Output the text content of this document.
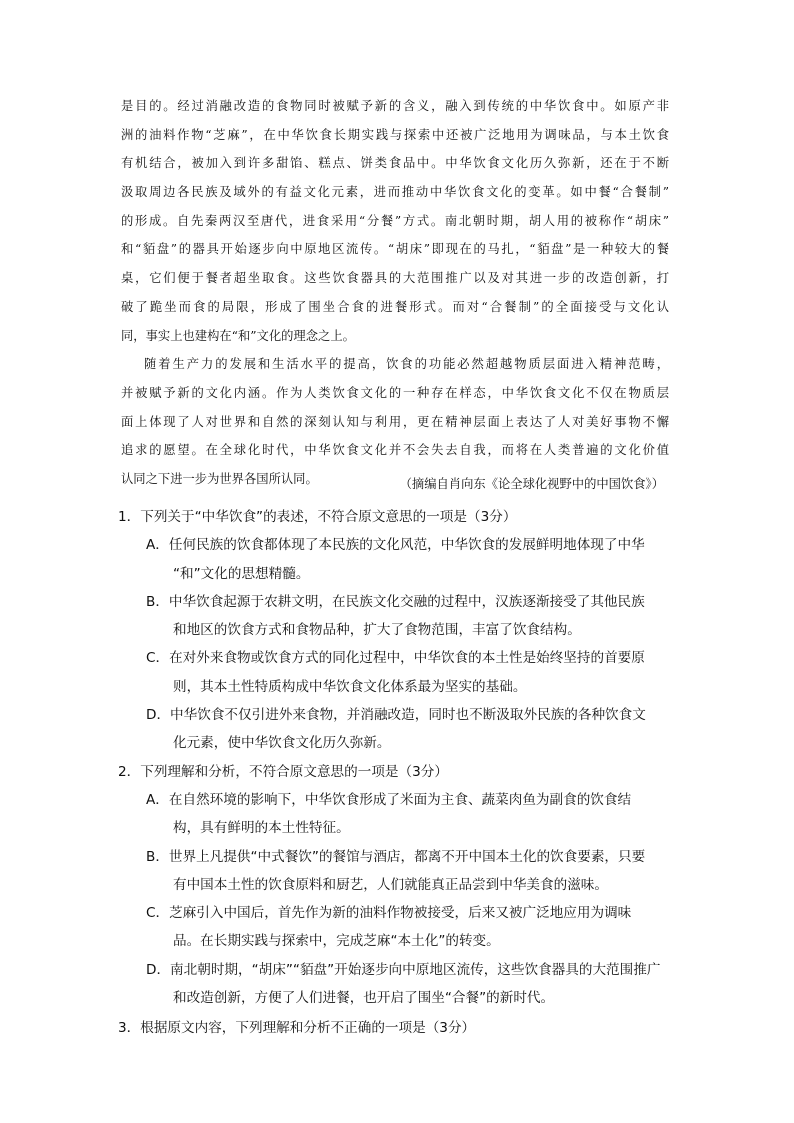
是目的。经过消融改造的食物同时被赋予新的含义，融入到传统的中华饮食中。如原产非
洲的油料作物“芝麻”，在中华饮食长期实践与探索中还被广泛地用为调味品，与本土饮食
有机结合，被加入到许多甜馅、糕点、饼类食品中。中华饮食文化历久弥新，还在于不断
汲取周边各民族及域外的有益文化元素，进而推动中华饮食文化的变革。如中餐“合餐制”
的形成。自先秦两汉至唐代，进食采用“分餐”方式。南北朝时期，胡人用的被称作“胡床”
和“貊盘”的器具开始逐步向中原地区流传。“胡床”即现在的马扎，“貊盘”是一种较大的餐
桌，它们便于餐者超坐取食。这些饮食器具的大范围推广以及对其进一步的改造创新，打
破了跪坐而食的局限，形成了围坐合食的进餐形式。而对“合餐制”的全面接受与文化认
同，事实上也建构在“和”文化的理念之上。
随着生产力的发展和生活水平的提高，饮食的功能必然超越物质层面进入精神范畴，
并被赋予新的文化内涵。作为人类饮食文化的一种存在样态，中华饮食文化不仅在物质层
面上体现了人对世界和自然的深刻认知与利用，更在精神层面上表达了人对美好事物不懈
追求的愿望。在全球化时代，中华饮食文化并不会失去自我，而将在人类普遍的文化价值
认同之下进一步为世界各国所认同。	（摘编自肖向东《论全球化视野中的中国饮食》）
1．下列关于“中华饮食”的表述，不符合原文意思的一项是（3分）
A．任何民族的饮食都体现了本民族的文化风范，中华饮食的发展鲜明地体现了中华
“和”文化的思想精髓。
B．中华饮食起源于农耕文明，在民族文化交融的过程中，汉族逐渐接受了其他民族
和地区的饮食方式和食物品种，扩大了食物范围，丰富了饮食结构。
C．在对外来食物或饮食方式的同化过程中，中华饮食的本土性是始终坚持的首要原
则，其本土性特质构成中华饮食文化体系最为坚实的基础。
D．中华饮食不仅引进外来食物，并消融改造，同时也不断汲取外民族的各种饮食文
化元素，使中华饮食文化历久弥新。
2．下列理解和分析，不符合原文意思的一项是（3分）
A．在自然环境的影响下，中华饮食形成了米面为主食、蔬菜肉鱼为副食的饮食结
构，具有鲜明的本土性特征。
B．世界上凡提供“中式餐饮”的餐馆与酒店，都离不开中国本土化的饮食要素，只要
有中国本土性的饮食原料和厨艺，人们就能真正品尝到中华美食的滋味。
C．芝麻引入中国后，首先作为新的油料作物被接受，后来又被广泛地应用为调味
品。在长期实践与探索中，完成芝麻“本土化”的转变。
D．南北朝时期，“胡床”“貊盘”开始逐步向中原地区流传，这些饮食器具的大范围推广
和改造创新，方便了人们进餐，也开启了围坐“合餐”的新时代。
3．根据原文内容，下列理解和分析不正确的一项是（3分）
